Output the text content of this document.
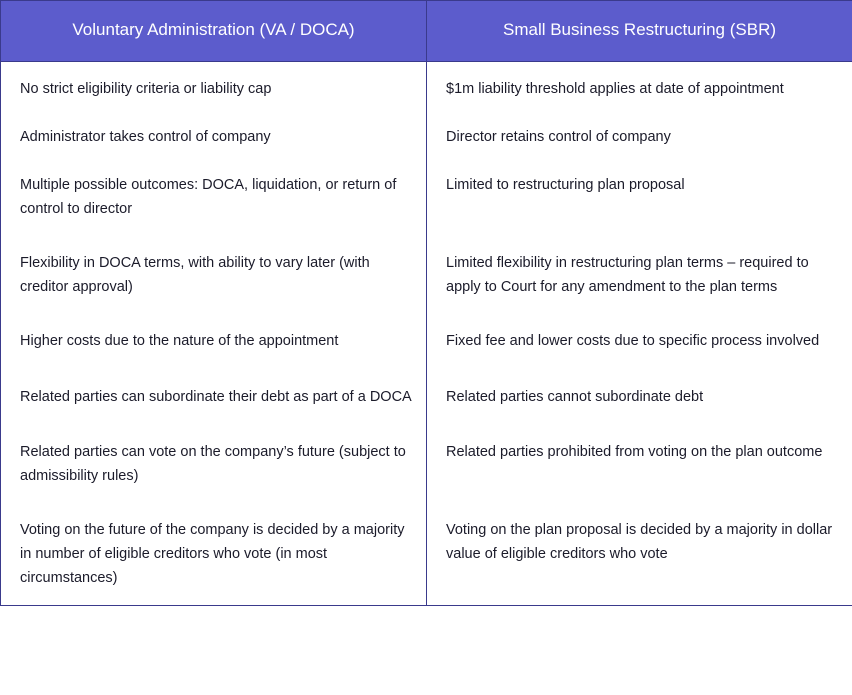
Voluntary Administration (VA / DOCA)	Small Business Restructuring (SBR)
No strict eligibility criteria or liability cap	$1m liability threshold applies at date of appointment
Administrator takes control of company	Director retains control of company
Multiple possible outcomes: DOCA, liquidation, or return of control to director	Limited to restructuring plan proposal
Flexibility in DOCA terms, with ability to vary later (with creditor approval)	Limited flexibility in restructuring plan terms – required to apply to Court for any amendment to the plan terms
Higher costs due to the nature of the appointment	Fixed fee and lower costs due to specific process involved
Related parties can subordinate their debt as part of a DOCA	Related parties cannot subordinate debt
Related parties can vote on the company’s future (subject to admissibility rules)	Related parties prohibited from voting on the plan outcome
Voting on the future of the company is decided by a majority in number of eligible creditors who vote (in most circumstances)	Voting on the plan proposal is decided by a majority in dollar value of eligible creditors who vote
